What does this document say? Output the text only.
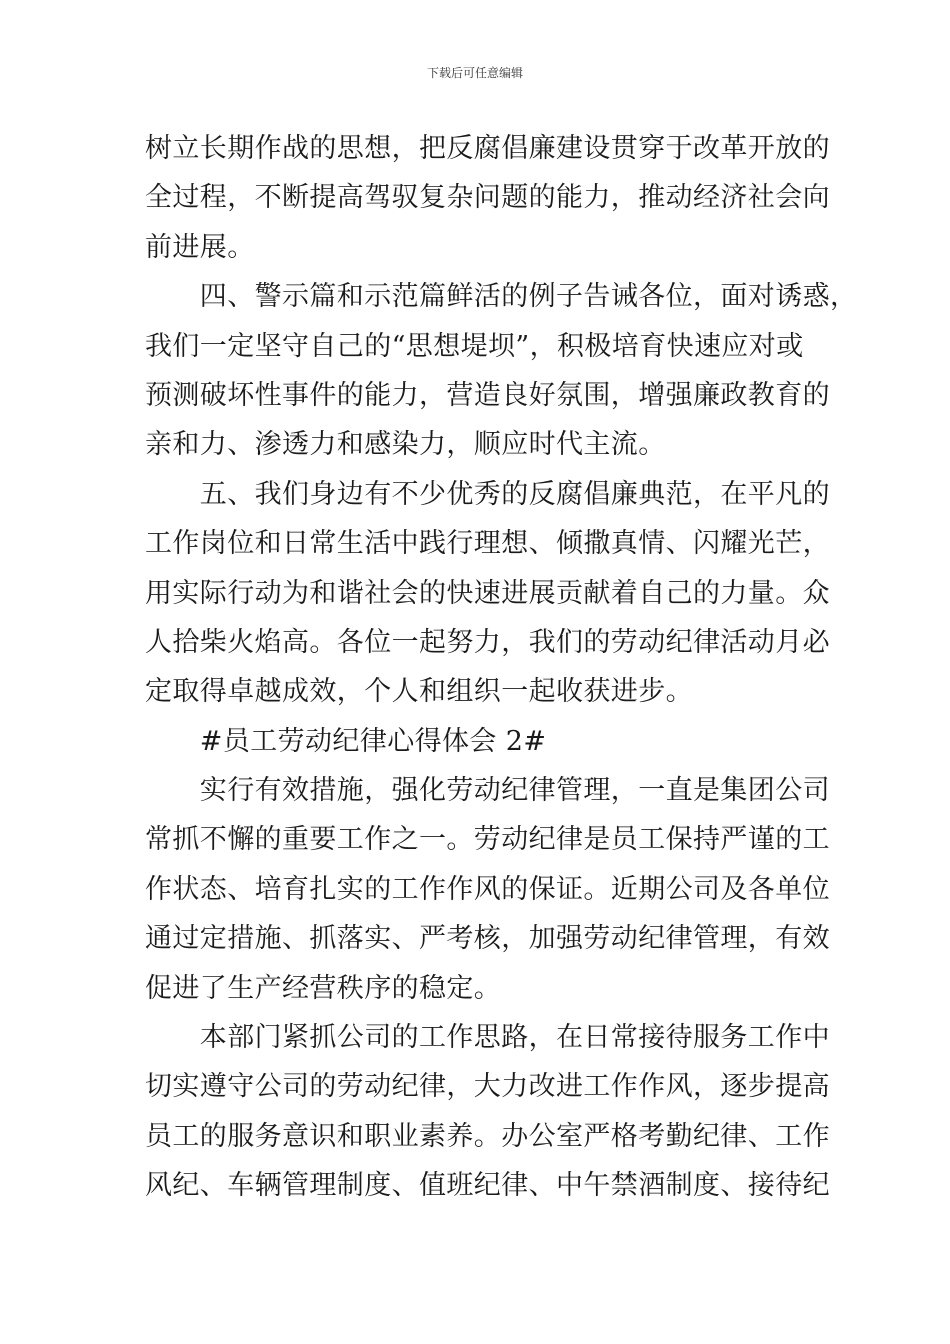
下载后可任意编辑
树立长期作战的思想，把反腐倡廉建设贯穿于改革开放的
全过程，不断提高驾驭复杂问题的能力，推动经济社会向
前进展。
　　四、警示篇和示范篇鲜活的例子告诫各位，面对诱惑，
我们一定坚守自己的“思想堤坝”，积极培育快速应对或
预测破坏性事件的能力，营造良好氛围，增强廉政教育的
亲和力、渗透力和感染力，顺应时代主流。
　　五、我们身边有不少优秀的反腐倡廉典范，在平凡的
工作岗位和日常生活中践行理想、倾撒真情、闪耀光芒，
用实际行动为和谐社会的快速进展贡献着自己的力量。众
人拾柴火焰高。各位一起努力，我们的劳动纪律活动月必
定取得卓越成效，个人和组织一起收获进步。
　　#员工劳动纪律心得体会 2#
　　实行有效措施，强化劳动纪律管理，一直是集团公司
常抓不懈的重要工作之一。劳动纪律是员工保持严谨的工
作状态、培育扎实的工作作风的保证。近期公司及各单位
通过定措施、抓落实、严考核，加强劳动纪律管理，有效
促进了生产经营秩序的稳定。
　　本部门紧抓公司的工作思路，在日常接待服务工作中
切实遵守公司的劳动纪律，大力改进工作作风，逐步提高
员工的服务意识和职业素养。办公室严格考勤纪律、工作
风纪、车辆管理制度、值班纪律、中午禁酒制度、接待纪
